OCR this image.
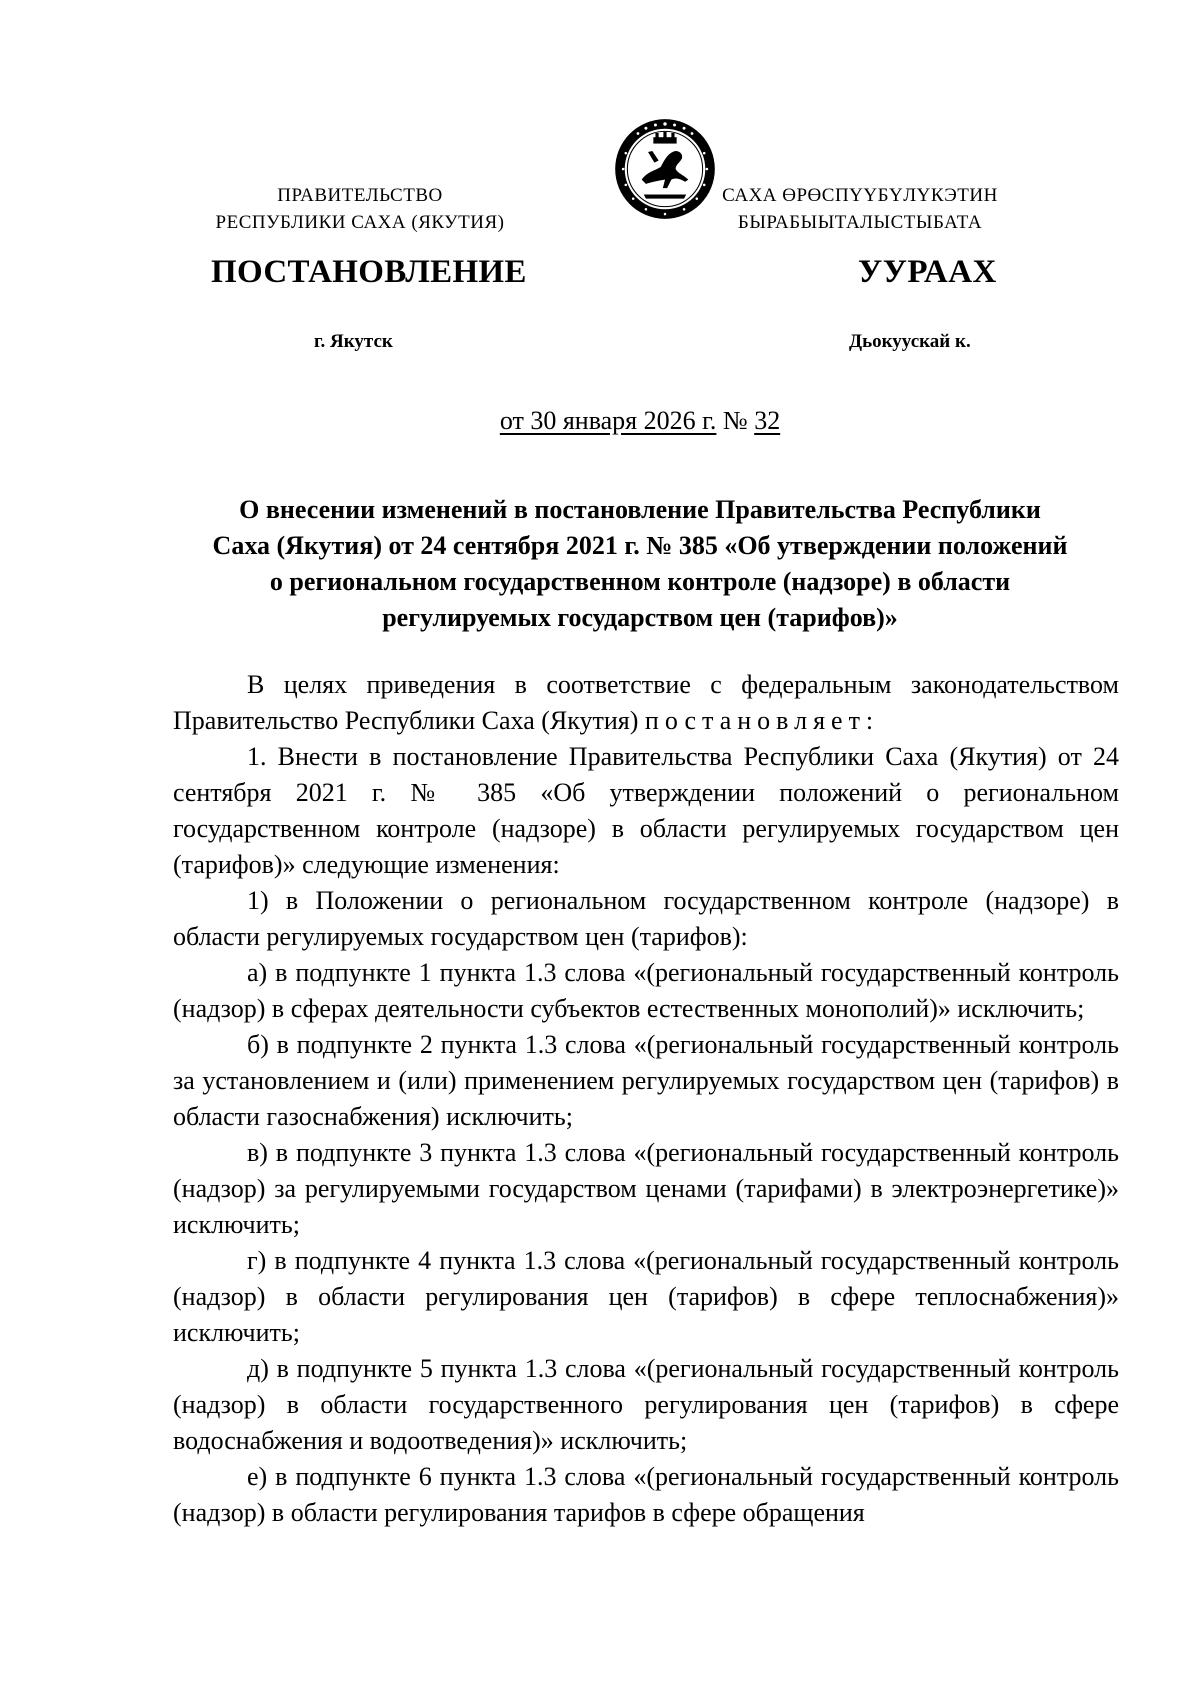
ПРАВИТЕЛЬСТВО
РЕСПУБЛИКИ САХА (ЯКУТИЯ)
САХА ӨРӨСПҮҮБҮЛҮКЭТИН
БЫРАБЫЫТАЛЫСТЫБАТА
ПОСТАНОВЛЕНИЕ	УУРААХ
г. Якутск	Дьокуускай к.
от 30 января 2026 г. № 32
О внесении изменений в постановление Правительства Республики
Саха (Якутия) от 24 сентября 2021 г. № 385 «Об утверждении положений
о региональном государственном контроле (надзоре) в области
регулируемых государством цен (тарифов)»

В целях приведения в соответствие с федеральным законодательством Правительство Республики Саха (Якутия) постановляет:

1. Внести в постановление Правительства Республики Саха (Якутия) от 24 сентября 2021 г. № 385 «Об утверждении положений о региональном государственном контроле (надзоре) в области регулируемых государством цен (тарифов)» следующие изменения:

1) в Положении о региональном государственном контроле (надзоре) в области регулируемых государством цен (тарифов):

а) в подпункте 1 пункта 1.3 слова «(региональный государственный контроль (надзор) в сферах деятельности субъектов естественных монополий)» исключить;

б) в подпункте 2 пункта 1.3 слова «(региональный государственный контроль за установлением и (или) применением регулируемых государством цен (тарифов) в области газоснабжения) исключить;

в) в подпункте 3 пункта 1.3 слова «(региональный государственный контроль (надзор) за регулируемыми государством ценами (тарифами) в электроэнергетике)» исключить;

г) в подпункте 4 пункта 1.3 слова «(региональный государственный контроль (надзор) в области регулирования цен (тарифов) в сфере теплоснабжения)» исключить;

д) в подпункте 5 пункта 1.3 слова «(региональный государственный контроль (надзор) в области государственного регулирования цен (тарифов) в сфере водоснабжения и водоотведения)» исключить;

е) в подпункте 6 пункта 1.3 слова «(региональный государственный контроль (надзор) в области регулирования тарифов в сфере обращения
